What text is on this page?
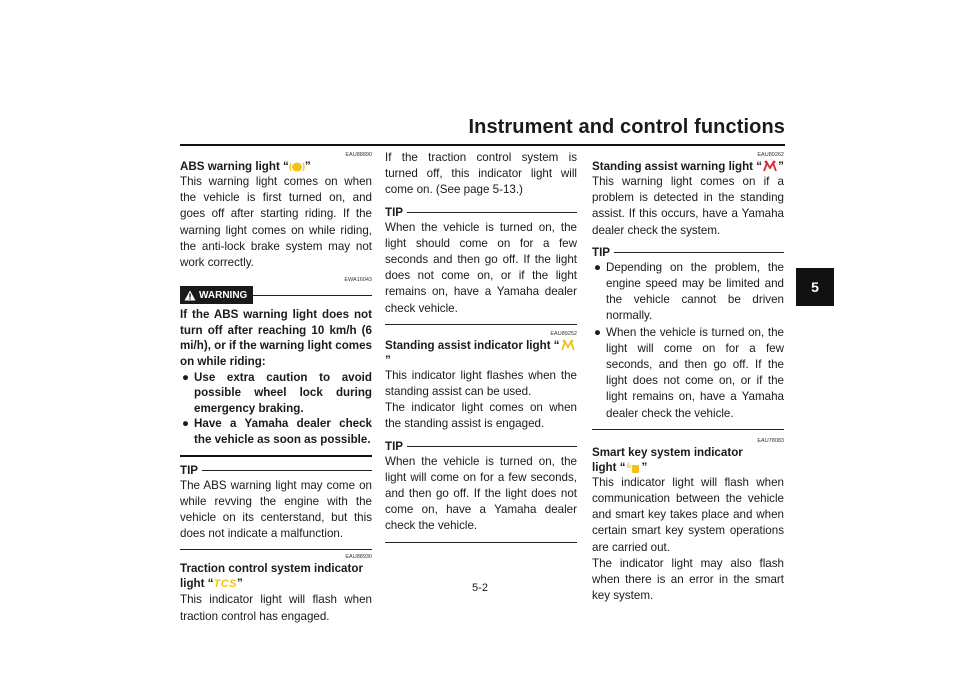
Instrument and control functions
5
EAU88890
ABS warning light “ ”
This warning light comes on when the vehicle is first turned on, and goes off after starting riding. If the warning light comes on while riding, the anti-lock brake system may not work correctly.
EWA16043
WARNING
If the ABS warning light does not turn off after reaching 10 km/h (6 mi/h), or if the warning light comes on while riding:
● Use extra caution to avoid possible wheel lock during emergency braking.
● Have a Yamaha dealer check the vehicle as soon as possible.
TIP
The ABS warning light may come on while revving the engine with the vehicle on its centerstand, but this does not indicate a malfunction.
EAU88930
Traction control system indicator
light “TCS”
This indicator light will flash when traction control has engaged.
If the traction control system is turned off, this indicator light will come on. (See page 5-13.)
TIP
When the vehicle is turned on, the light should come on for a few seconds and then go off. If the light does not come on, or if the light remains on, have a Yamaha dealer check vehicle.
EAU89252
Standing assist indicator light “”
This indicator light flashes when the standing assist can be used.
The indicator light comes on when the standing assist is engaged.
TIP
When the vehicle is turned on, the light will come on for a few seconds, and then go off. If the light does not come on, have a Yamaha dealer check the vehicle.
EAU89262
Standing assist warning light “ ”
This warning light comes on if a problem is detected in the standing assist. If this occurs, have a Yamaha dealer check the system.
TIP
● Depending on the problem, the engine speed may be limited and the vehicle cannot be driven normally.
● When the vehicle is turned on, the light will come on for a few seconds, and then go off. If the light does not come on, or if the light remains on, have a Yamaha dealer check the vehicle.
EAU78083
Smart key system indicator
light “ ”
This indicator light will flash when communication between the vehicle and smart key takes place and when certain smart key system operations are carried out.
The indicator light may also flash when there is an error in the smart key system.
5-2
